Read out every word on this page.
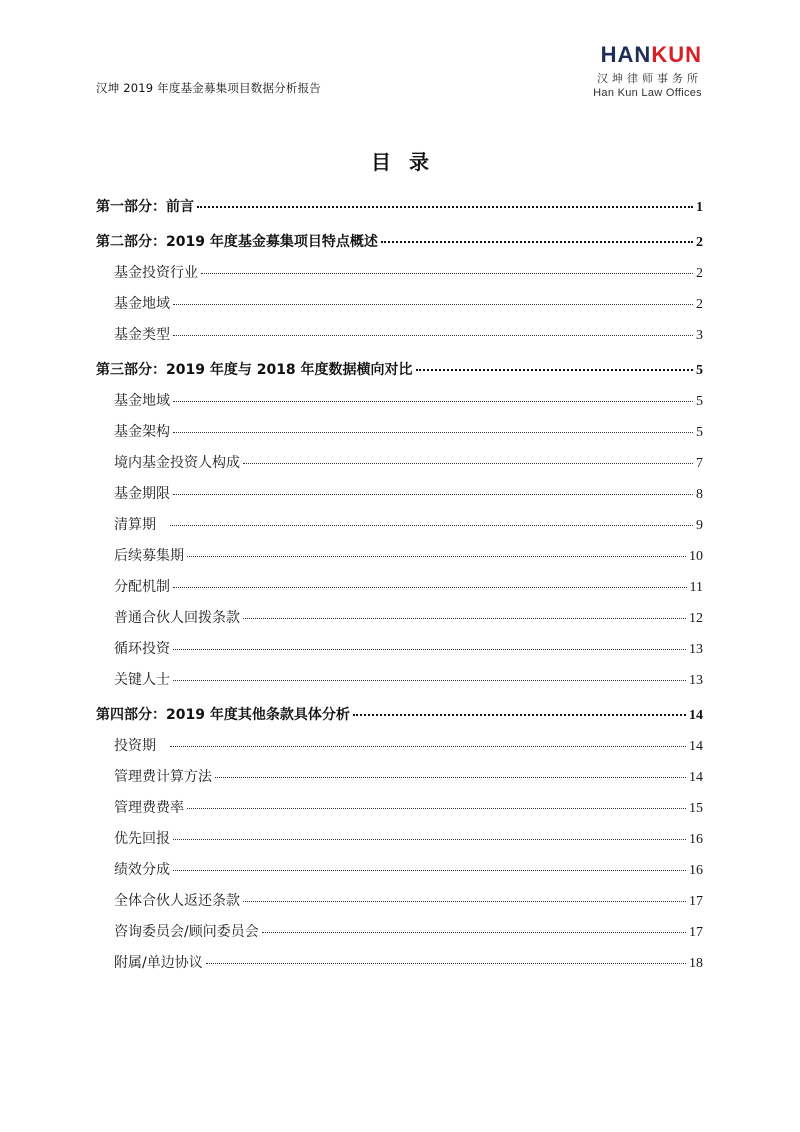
汉坤 2019 年度基金募集项目数据分析报告
HANKUN
汉坤律师事务所
Han Kun Law Offices
目录
第一部分：前言	1
第二部分：2019 年度基金募集项目特点概述	2
基金投资行业	2
基金地域	2
基金类型	3
第三部分：2019 年度与 2018 年度数据横向对比	5
基金地域	5
基金架构	5
境内基金投资人构成	7
基金期限	8
清算期	9
后续募集期	10
分配机制	11
普通合伙人回拨条款	12
循环投资	13
关键人士	13
第四部分：2019 年度其他条款具体分析	14
投资期	14
管理费计算方法	14
管理费费率	15
优先回报	16
绩效分成	16
全体合伙人返还条款	17
咨询委员会/顾问委员会	17
附属/单边协议	18
